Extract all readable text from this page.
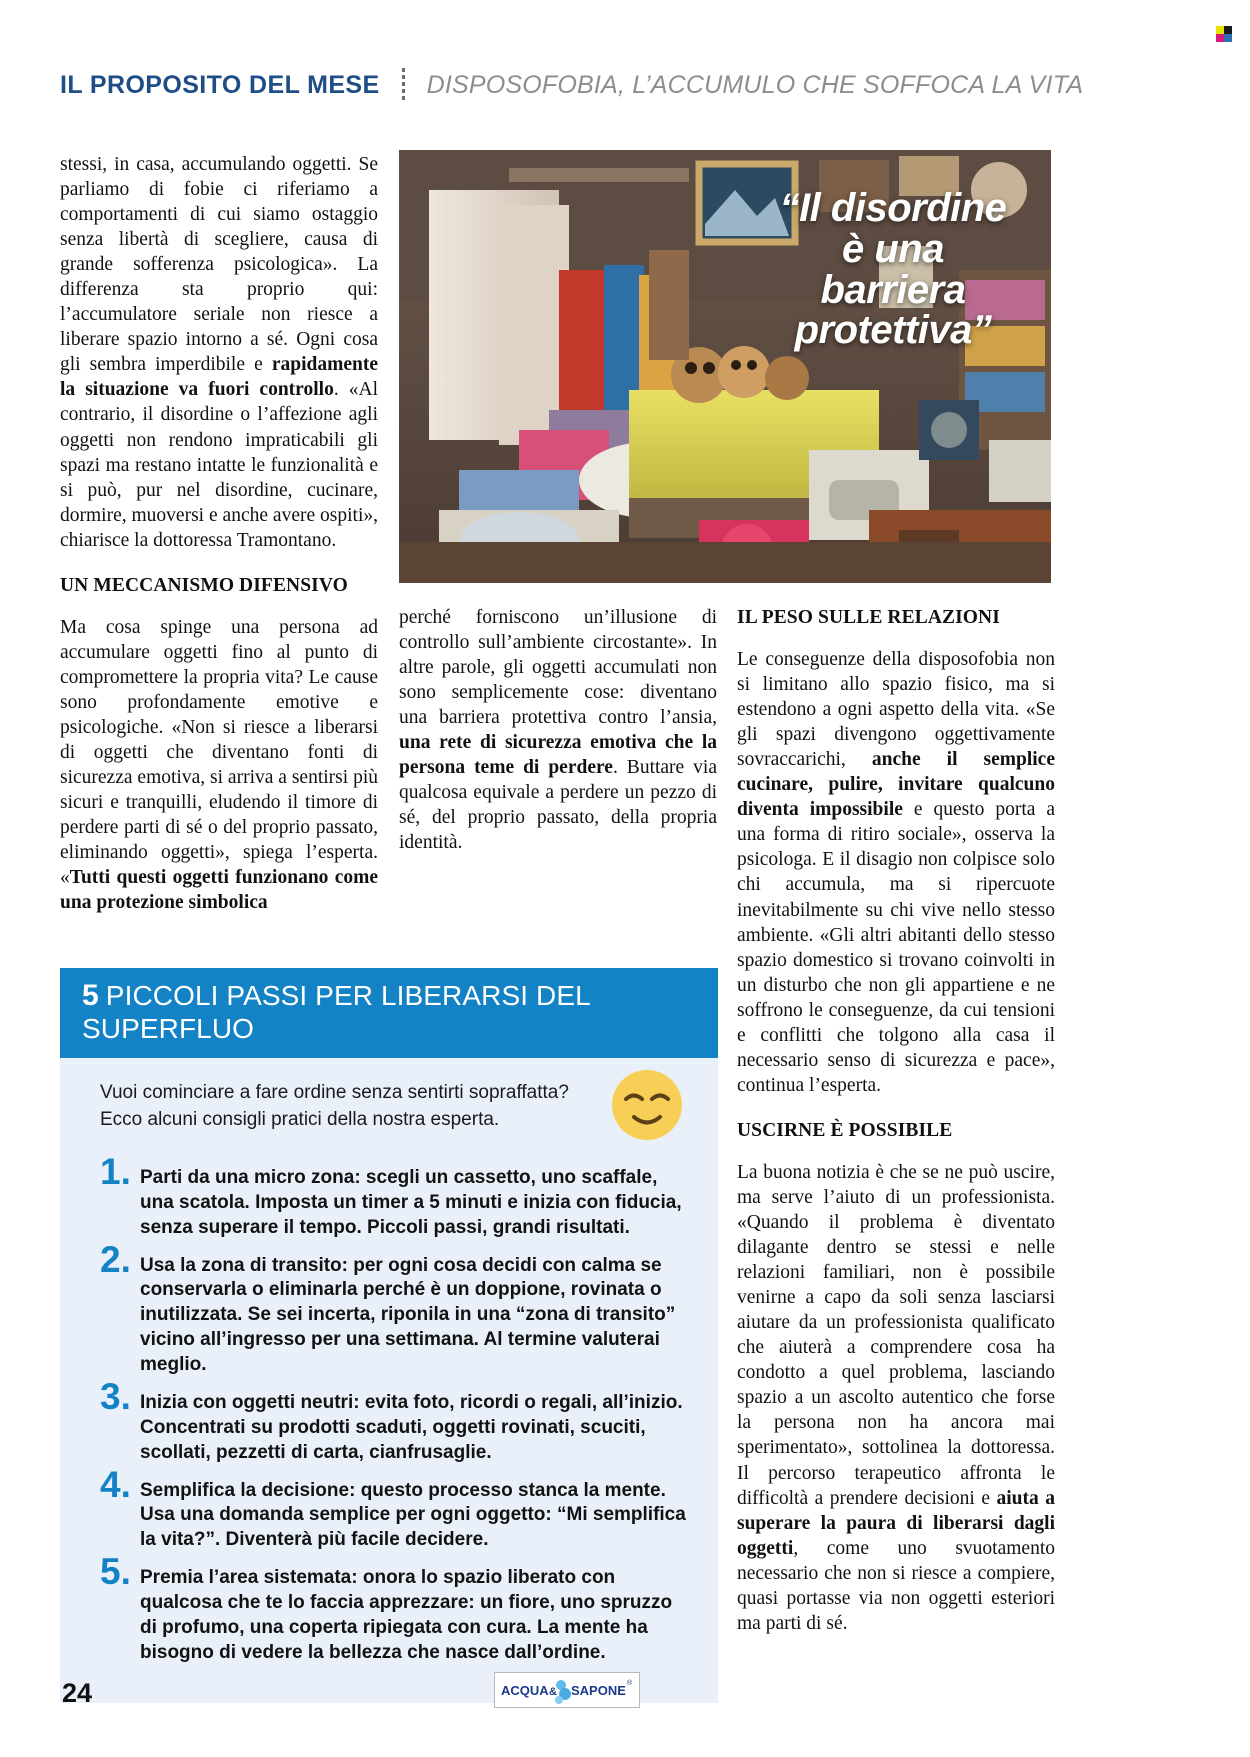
IL PROPOSITO DEL MESE DISPOSOFOBIA, L’ACCUMULO CHE SOFFOCA LA VITA
“Il disordine
è una
barriera
protettiva”

stessi, in casa, accumulando oggetti. Se parliamo di fobie ci riferiamo a comportamenti di cui siamo ostaggio senza libertà di scegliere, causa di grande sofferenza psicologica». La differenza sta proprio qui: l’accumulatore seriale non riesce a liberare spazio intorno a sé. Ogni cosa gli sembra imperdibile e rapidamente la situazione va fuori controllo. «Al contrario, il disordine o l’affezione agli oggetti non rendono impraticabili gli spazi ma restano intatte le funzionalità e si può, pur nel disordine, cucinare, dormire, muoversi e anche avere ospiti», chiarisce la dottoressa Tramontano.

UN MECCANISMO DIFENSIVO

Ma cosa spinge una persona ad accumulare oggetti fino al punto di compromettere la propria vita? Le cause sono profondamente emotive e psicologiche. «Non si riesce a liberarsi di oggetti che diventano fonti di sicurezza emotiva, si arriva a sentirsi più sicuri e tranquilli, eludendo il timore di perdere parti di sé o del proprio passato, eliminando oggetti», spiega l’esperta. «Tutti questi oggetti funzionano come una protezione simbolica

perché forniscono un’illusione di controllo sull’ambiente circostante». In altre parole, gli oggetti accumulati non sono semplicemente cose: diventano una barriera protettiva contro l’ansia, una rete di sicurezza emotiva che la persona teme di perdere. Buttare via qualcosa equivale a perdere un pezzo di sé, del proprio passato, della propria identità.

IL PESO SULLE RELAZIONI

Le conseguenze della disposofobia non si limitano allo spazio fisico, ma si estendono a ogni aspetto della vita. «Se gli spazi divengono oggettivamente sovraccarichi, anche il semplice cucinare, pulire, invitare qualcuno diventa impossibile e questo porta a una forma di ritiro sociale», osserva la psicologa. E il disagio non colpisce solo chi accumula, ma si ripercuote inevitabilmente su chi vive nello stesso ambiente. «Gli altri abitanti dello stesso spazio domestico si trovano coinvolti in un disturbo che non gli appartiene e ne soffrono le conseguenze, da cui tensioni e conflitti che tolgono alla casa il necessario senso di sicurezza e pace», continua l’esperta.

USCIRNE È POSSIBILE

La buona notizia è che se ne può uscire, ma serve l’aiuto di un professionista. «Quando il problema è diventato dilagante dentro se stessi e nelle relazioni familiari, non è possibile venirne a capo da soli senza lasciarsi aiutare da un professionista qualificato che aiuterà a comprendere cosa ha condotto a quel problema, lasciando spazio a un ascolto autentico che forse la persona non ha ancora mai sperimentato», sottolinea la dottoressa. Il percorso terapeutico affronta le difficoltà a prendere decisioni e aiuta a superare la paura di liberarsi dagli oggetti, come uno svuotamento necessario che non si riesce a compiere, quasi portasse via non oggetti esteriori ma parti di sé.

5 PICCOLI PASSI PER LIBERARSI DEL SUPERFLUO
Vuoi cominciare a fare ordine senza sentirti sopraffatta?
Ecco alcuni consigli pratici della nostra esperta.
1. Parti da una micro zona: scegli un cassetto, uno scaffale, una scatola. Imposta un timer a 5 minuti e inizia con fiducia, senza superare il tempo. Piccoli passi, grandi risultati.
2. Usa la zona di transito: per ogni cosa decidi con calma se conservarla o eliminarla perché è un doppione, rovinata o inutilizzata. Se sei incerta, riponila in una “zona di transito” vicino all’ingresso per una settimana. Al termine valuterai meglio.
3. Inizia con oggetti neutri: evita foto, ricordi o regali, all’inizio. Concentrati su prodotti scaduti, oggetti rovinati, scuciti, scollati, pezzetti di carta, cianfrusaglie.
4. Semplifica la decisione: questo processo stanca la mente. Usa una domanda semplice per ogni oggetto: “Mi semplifica la vita?”. Diventerà più facile decidere.
5. Premia l’area sistemata: onora lo spazio liberato con qualcosa che te lo faccia apprezzare: un fiore, uno spruzzo di profumo, una coperta ripiegata con cura. La mente ha bisogno di vedere la bellezza che nasce dall’ordine.
24	ACQUA & SAPONE ®
